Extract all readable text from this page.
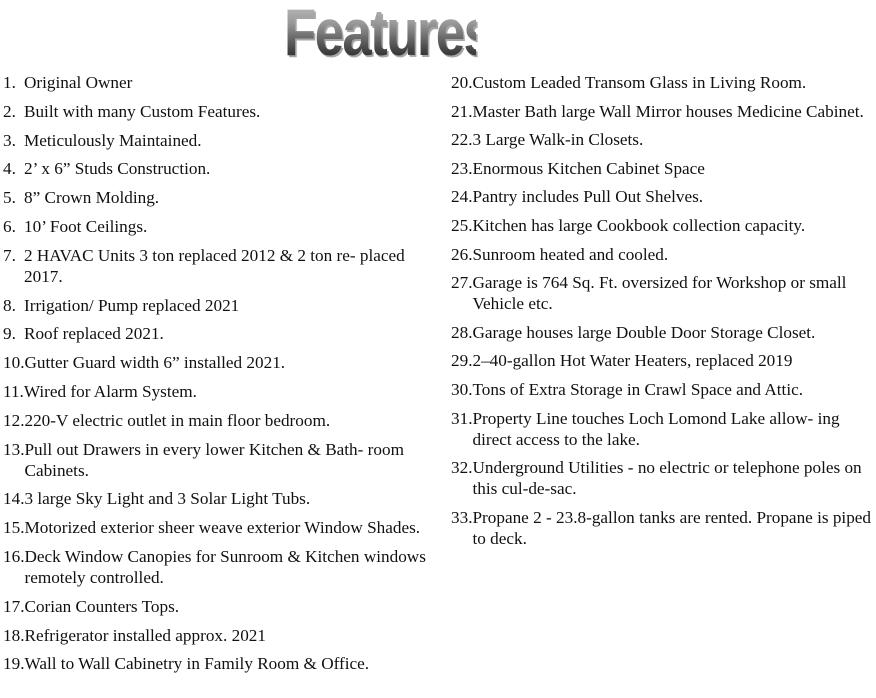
Features
1. Original Owner
2. Built with many Custom Features.
3. Meticulously Maintained.
4. 2’ x 6” Studs Construction.
5. 8” Crown Molding.
6. 10’ Foot Ceilings.
7. 2 HAVAC Units 3 ton replaced 2012 & 2 ton re- placed 2017.
8. Irrigation/ Pump replaced 2021
9. Roof replaced 2021.
10. Gutter Guard width 6” installed 2021.
11. Wired for Alarm System.
12. 220-V electric outlet in main floor bedroom.
13. Pull out Drawers in every lower Kitchen & Bath- room Cabinets.
14. 3 large Sky Light and 3 Solar Light Tubs.
15. Motorized exterior sheer weave exterior Window Shades.
16. Deck Window Canopies for Sunroom & Kitchen windows remotely controlled.
17. Corian Counters Tops.
18. Refrigerator installed approx. 2021
19. Wall to Wall Cabinetry in Family Room & Office.
20. Custom Leaded Transom Glass in Living Room.
21. Master Bath large Wall Mirror houses Medicine Cabinet.
22. 3 Large Walk-in Closets.
23. Enormous Kitchen Cabinet Space
24. Pantry includes Pull Out Shelves.
25. Kitchen has large Cookbook collection capacity.
26. Sunroom heated and cooled.
27. Garage is 764 Sq. Ft. oversized for Workshop or small Vehicle etc.
28. Garage houses large Double Door Storage Closet.
29. 2–40-gallon Hot Water Heaters, replaced 2019
30. Tons of Extra Storage in Crawl Space and Attic.
31. Property Line touches Loch Lomond Lake allow- ing direct access to the lake.
32. Underground Utilities - no electric or telephone poles on this cul-de-sac.
33. Propane 2 - 23.8-gallon tanks are rented. Propane is piped to deck.
